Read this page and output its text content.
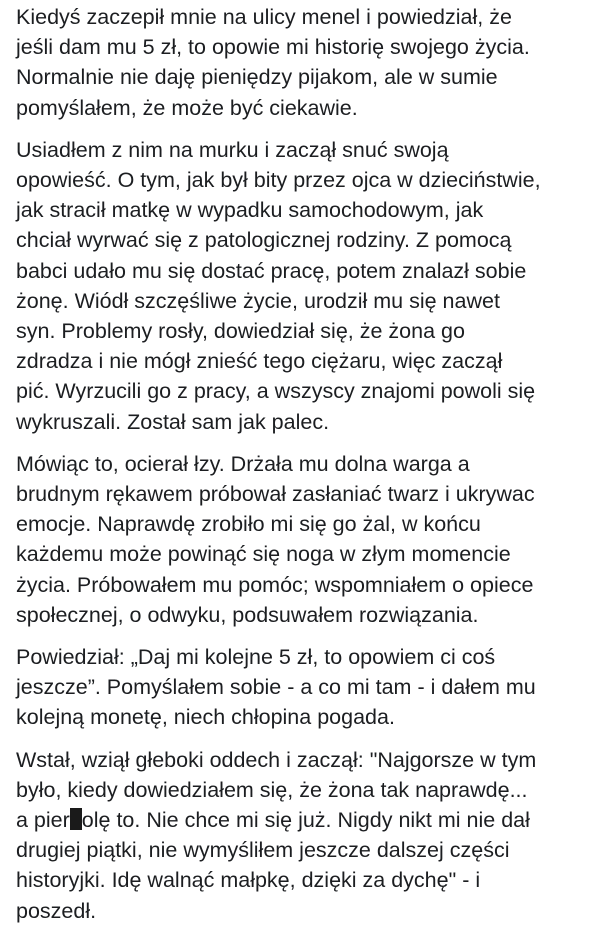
Kiedyś zaczepił mnie na ulicy menel i powiedział, że
jeśli dam mu 5 zł, to opowie mi historię swojego życia.
Normalnie nie daję pieniędzy pijakom, ale w sumie
pomyślałem, że może być ciekawie.
Usiadłem z nim na murku i zaczął snuć swoją
opowieść. O tym, jak był bity przez ojca w dzieciństwie,
jak stracił matkę w wypadku samochodowym, jak
chciał wyrwać się z patologicznej rodziny. Z pomocą
babci udało mu się dostać pracę, potem znalazł sobie
żonę. Wiódł szczęśliwe życie, urodził mu się nawet
syn. Problemy rosły, dowiedział się, że żona go
zdradza i nie mógł znieść tego ciężaru, więc zaczął
pić. Wyrzucili go z pracy, a wszyscy znajomi powoli się
wykruszali. Został sam jak palec.
Mówiąc to, ocierał łzy. Drżała mu dolna warga a
brudnym rękawem próbował zasłaniać twarz i ukrywac
emocje. Naprawdę zrobiło mi się go żal, w końcu
każdemu może powinąć się noga w złym momencie
życia. Próbowałem mu pomóc; wspomniałem o opiece
społecznej, o odwyku, podsuwałem rozwiązania.
Powiedział: „Daj mi kolejne 5 zł, to opowiem ci coś
jeszcze”. Pomyślałem sobie - a co mi tam - i dałem mu
kolejną monetę, niech chłopina pogada.
Wstał, wziął głeboki oddech i zaczął: "Najgorsze w tym
było, kiedy dowiedziałem się, że żona tak naprawdę...
a pier olę to. Nie chce mi się już. Nigdy nikt mi nie dał
drugiej piątki, nie wymyśliłem jeszcze dalszej części
historyjki. Idę walnąć małpkę, dzięki za dychę" - i
poszedł.
